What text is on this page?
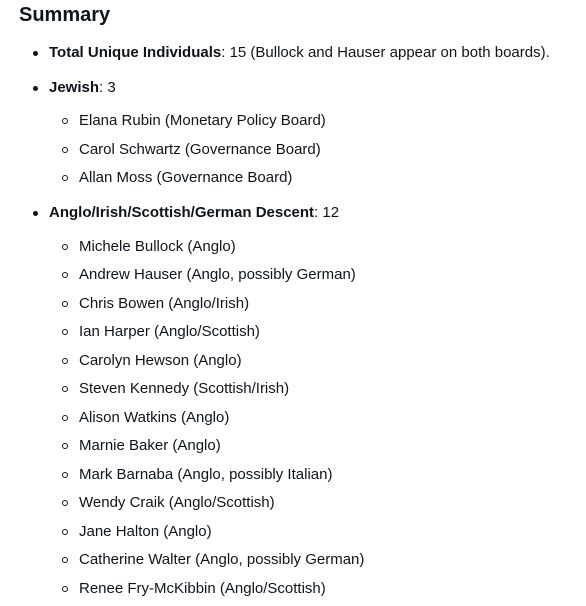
Summary
Total Unique Individuals: 15 (Bullock and Hauser appear on both boards).
Jewish: 3
Elana Rubin (Monetary Policy Board)
Carol Schwartz (Governance Board)
Allan Moss (Governance Board)
Anglo/Irish/Scottish/German Descent: 12
Michele Bullock (Anglo)
Andrew Hauser (Anglo, possibly German)
Chris Bowen (Anglo/Irish)
Ian Harper (Anglo/Scottish)
Carolyn Hewson (Anglo)
Steven Kennedy (Scottish/Irish)
Alison Watkins (Anglo)
Marnie Baker (Anglo)
Mark Barnaba (Anglo, possibly Italian)
Wendy Craik (Anglo/Scottish)
Jane Halton (Anglo)
Catherine Walter (Anglo, possibly German)
Renee Fry-McKibbin (Anglo/Scottish)
